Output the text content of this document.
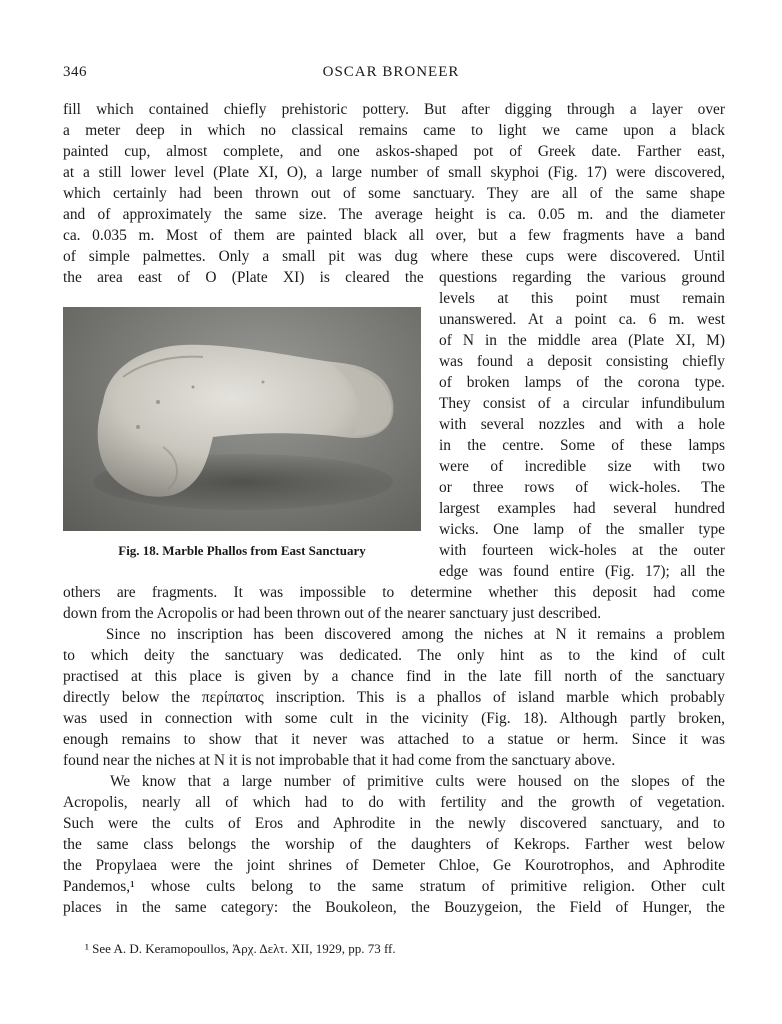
346	OSCAR BRONEER
fill which contained chiefly prehistoric pottery. But after digging through a layer over
a meter deep in which no classical remains came to light we came upon a black
painted cup, almost complete, and one askos-shaped pot of Greek date. Farther east,
at a still lower level (Plate XI, O), a large number of small skyphoi (Fig. 17) were discovered,
which certainly had been thrown out of some sanctuary. They are all of the same shape
and of approximately the same size. The average height is ca. 0.05 m. and the diameter
ca. 0.035 m. Most of them are painted black all over, but a few fragments have a band
of simple palmettes. Only a small pit was dug where these cups were discovered. Until
the area east of O (Plate XI) is cleared the questions regarding the various ground
Fig. 18. Marble Phallos from East Sanctuary
levels at this point must remain
unanswered. At a point ca. 6 m. west
of N in the middle area (Plate XI, M)
was found a deposit consisting chiefly
of broken lamps of the corona type.
They consist of a circular infundibulum
with several nozzles and with a hole
in the centre. Some of these lamps
were of incredible size with two
or three rows of wick-holes. The
largest examples had several hundred
wicks. One lamp of the smaller type
with fourteen wick-holes at the outer
edge was found entire (Fig. 17); all the
others are fragments. It was impossible to determine whether this deposit had come
down from the Acropolis or had been thrown out of the nearer sanctuary just described.
Since no inscription has been discovered among the niches at N it remains a problem
to which deity the sanctuary was dedicated. The only hint as to the kind of cult
practised at this place is given by a chance find in the late fill north of the sanctuary
directly below the περίπατος inscription. This is a phallos of island marble which probably
was used in connection with some cult in the vicinity (Fig. 18). Although partly broken,
enough remains to show that it never was attached to a statue or herm. Since it was
found near the niches at N it is not improbable that it had come from the sanctuary above.
We know that a large number of primitive cults were housed on the slopes of the
Acropolis, nearly all of which had to do with fertility and the growth of vegetation.
Such were the cults of Eros and Aphrodite in the newly discovered sanctuary, and to
the same class belongs the worship of the daughters of Kekrops. Farther west below
the Propylaea were the joint shrines of Demeter Chloe, Ge Kourotrophos, and Aphrodite
Pandemos,¹ whose cults belong to the same stratum of primitive religion. Other cult
places in the same category: the Boukoleon, the Bouzygeion, the Field of Hunger, the
¹ See A. D. Keramopoullos, Ἀρχ. Δελτ. XII, 1929, pp. 73 ff.
